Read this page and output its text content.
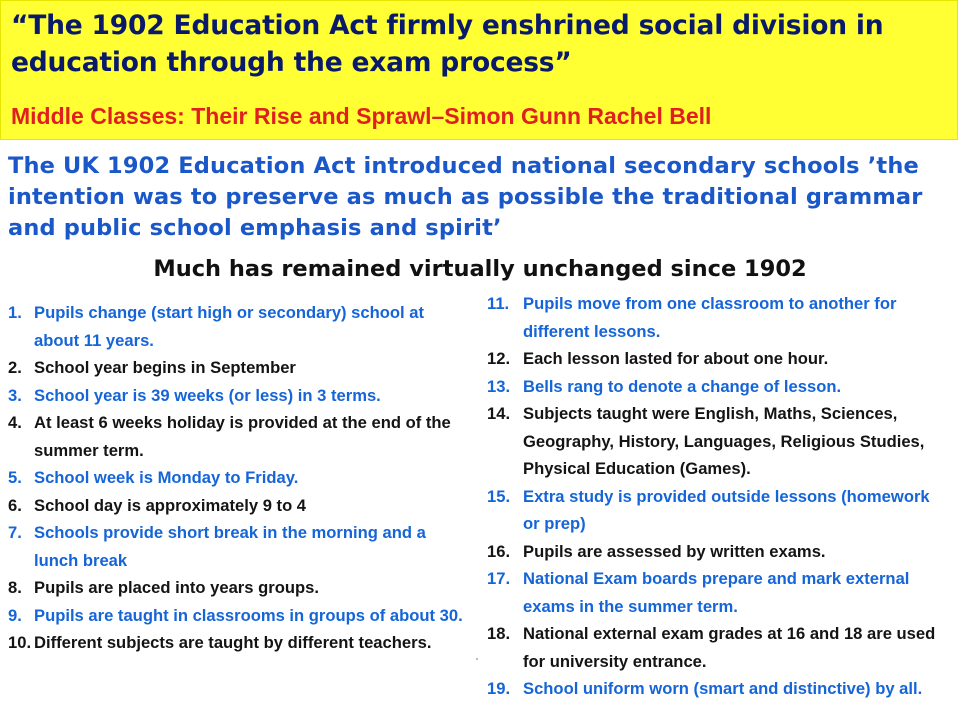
“The 1902 Education Act firmly enshrined social division in education through the exam process”
Middle Classes: Their Rise and Sprawl–Simon Gunn Rachel Bell
The UK 1902 Education Act introduced national secondary schools ’the intention was to preserve as much as possible the traditional grammar and public school emphasis and spirit’
Much has remained virtually unchanged since 1902
1. Pupils change (start high or secondary) school at about 11 years.
2. School year begins in September
3. School year is 39 weeks (or less) in 3 terms.
4. At least 6 weeks holiday is provided at the end of the summer term.
5. School week is Monday to Friday.
6. School day is approximately 9 to 4
7. Schools provide short break in the morning and a lunch break
8. Pupils are placed into years groups.
9. Pupils are taught in classrooms in groups of about 30.
10. Different subjects are taught by different teachers.
11. Pupils move from one classroom to another for different lessons.
12. Each lesson lasted for about one hour.
13. Bells rang to denote a change of lesson.
14. Subjects taught were English, Maths, Sciences, Geography, History, Languages, Religious Studies, Physical Education (Games).
15. Extra study is provided outside lessons (homework or prep)
16. Pupils are assessed by written exams.
17. National Exam boards prepare and mark external exams in the summer term.
18. National external exam grades at 16 and 18 are used for university entrance.
19. School uniform worn (smart and distinctive) by all.
